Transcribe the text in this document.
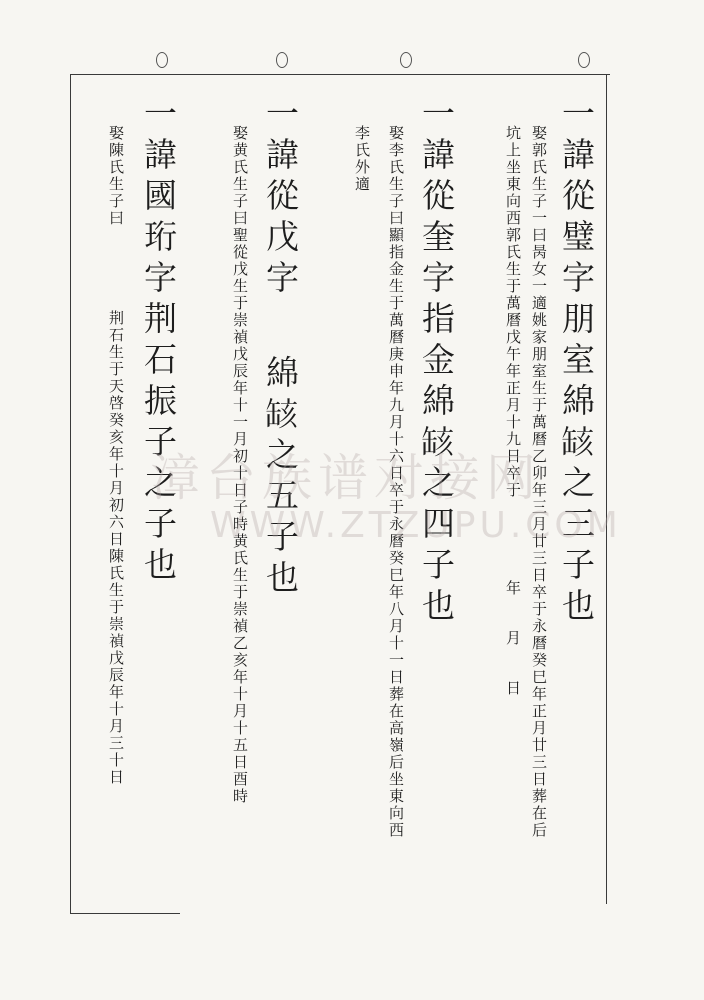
一諱從璧字朋室綿𦈲之三子也
娶郭氏生子一曰昺女一適姚家朋室生于萬曆乙卯年三月廿三日卒于永曆癸巳年正月廿三日葬在后
坑上坐東向西郭氏生于萬曆戊午年正月十九日卒于
年
月
日
一諱從奎字指金綿𦈲之四子也
娶李氏生子曰顯指金生于萬曆庚申年九月十六日卒于永曆癸巳年八月十一日葬在高嶺后坐東向西
李氏外適
一諱從戊字
綿𦈲之五子也
娶黄氏生子曰聖從戊生于崇禎戊辰年十一月初十日子時黄氏生于崇禎乙亥年十月十五日酉時
一諱國珩字荆石振子之子也
娶陳氏生子曰
荆石生于天啓癸亥年十月初六日陳氏生于崇禎戊辰年十月三十日 漳台族谱对接网
WWW.ZTZUPU.COM
